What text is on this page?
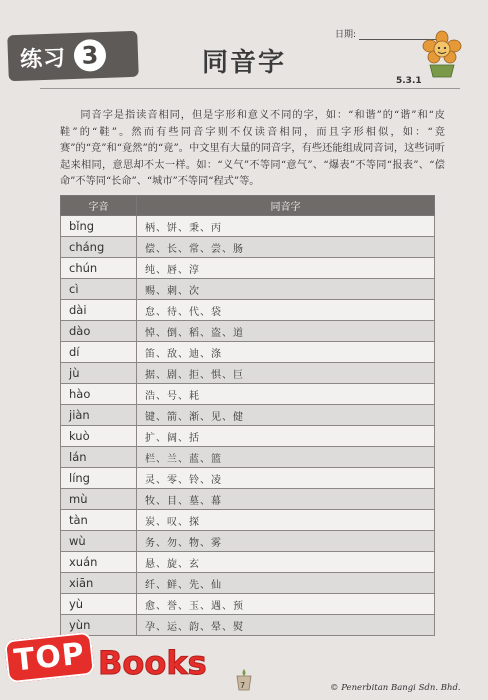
日期:
练习 3	同音字
5.3.1

同音字是指读音相同，但是字形和意义不同的字，如：“和谐”的“谐”和“皮鞋”的“鞋”。然而有些同音字则不仅读音相同，而且字形相似，如：“竞赛”的“竞”和“竟然”的“竟”。中文里有大量的同音字，有些还能组成同音词，这些词听起来相同，意思却不太一样。如：“义气”不等同“意气”、“爆表”不等同“报表”、“偿命”不等同“长命”、“城市”不等同“程式”等。

字音	同音字
bǐng	柄、饼、秉、丙
cháng	偿、长、常、尝、肠
chún	纯、唇、淳
cì	赐、刺、次
dài	怠、待、代、袋
dào	悼、倒、稻、盗、道
dí	笛、敌、迪、涤
jù	据、剧、拒、惧、巨
hào	浩、号、耗
jiàn	键、箭、渐、见、健
kuò	扩、阔、括
lán	栏、兰、蓝、篮
líng	灵、零、铃、凌
mù	牧、目、墓、幕
tàn	炭、叹、探
wù	务、勿、物、雾
xuán	悬、旋、玄
xiān	纤、鲜、先、仙
yù	愈、誉、玉、遇、预
yùn	孕、运、韵、晕、熨
7	© Penerbitan Bangi Sdn. Bhd.
TOP Books
